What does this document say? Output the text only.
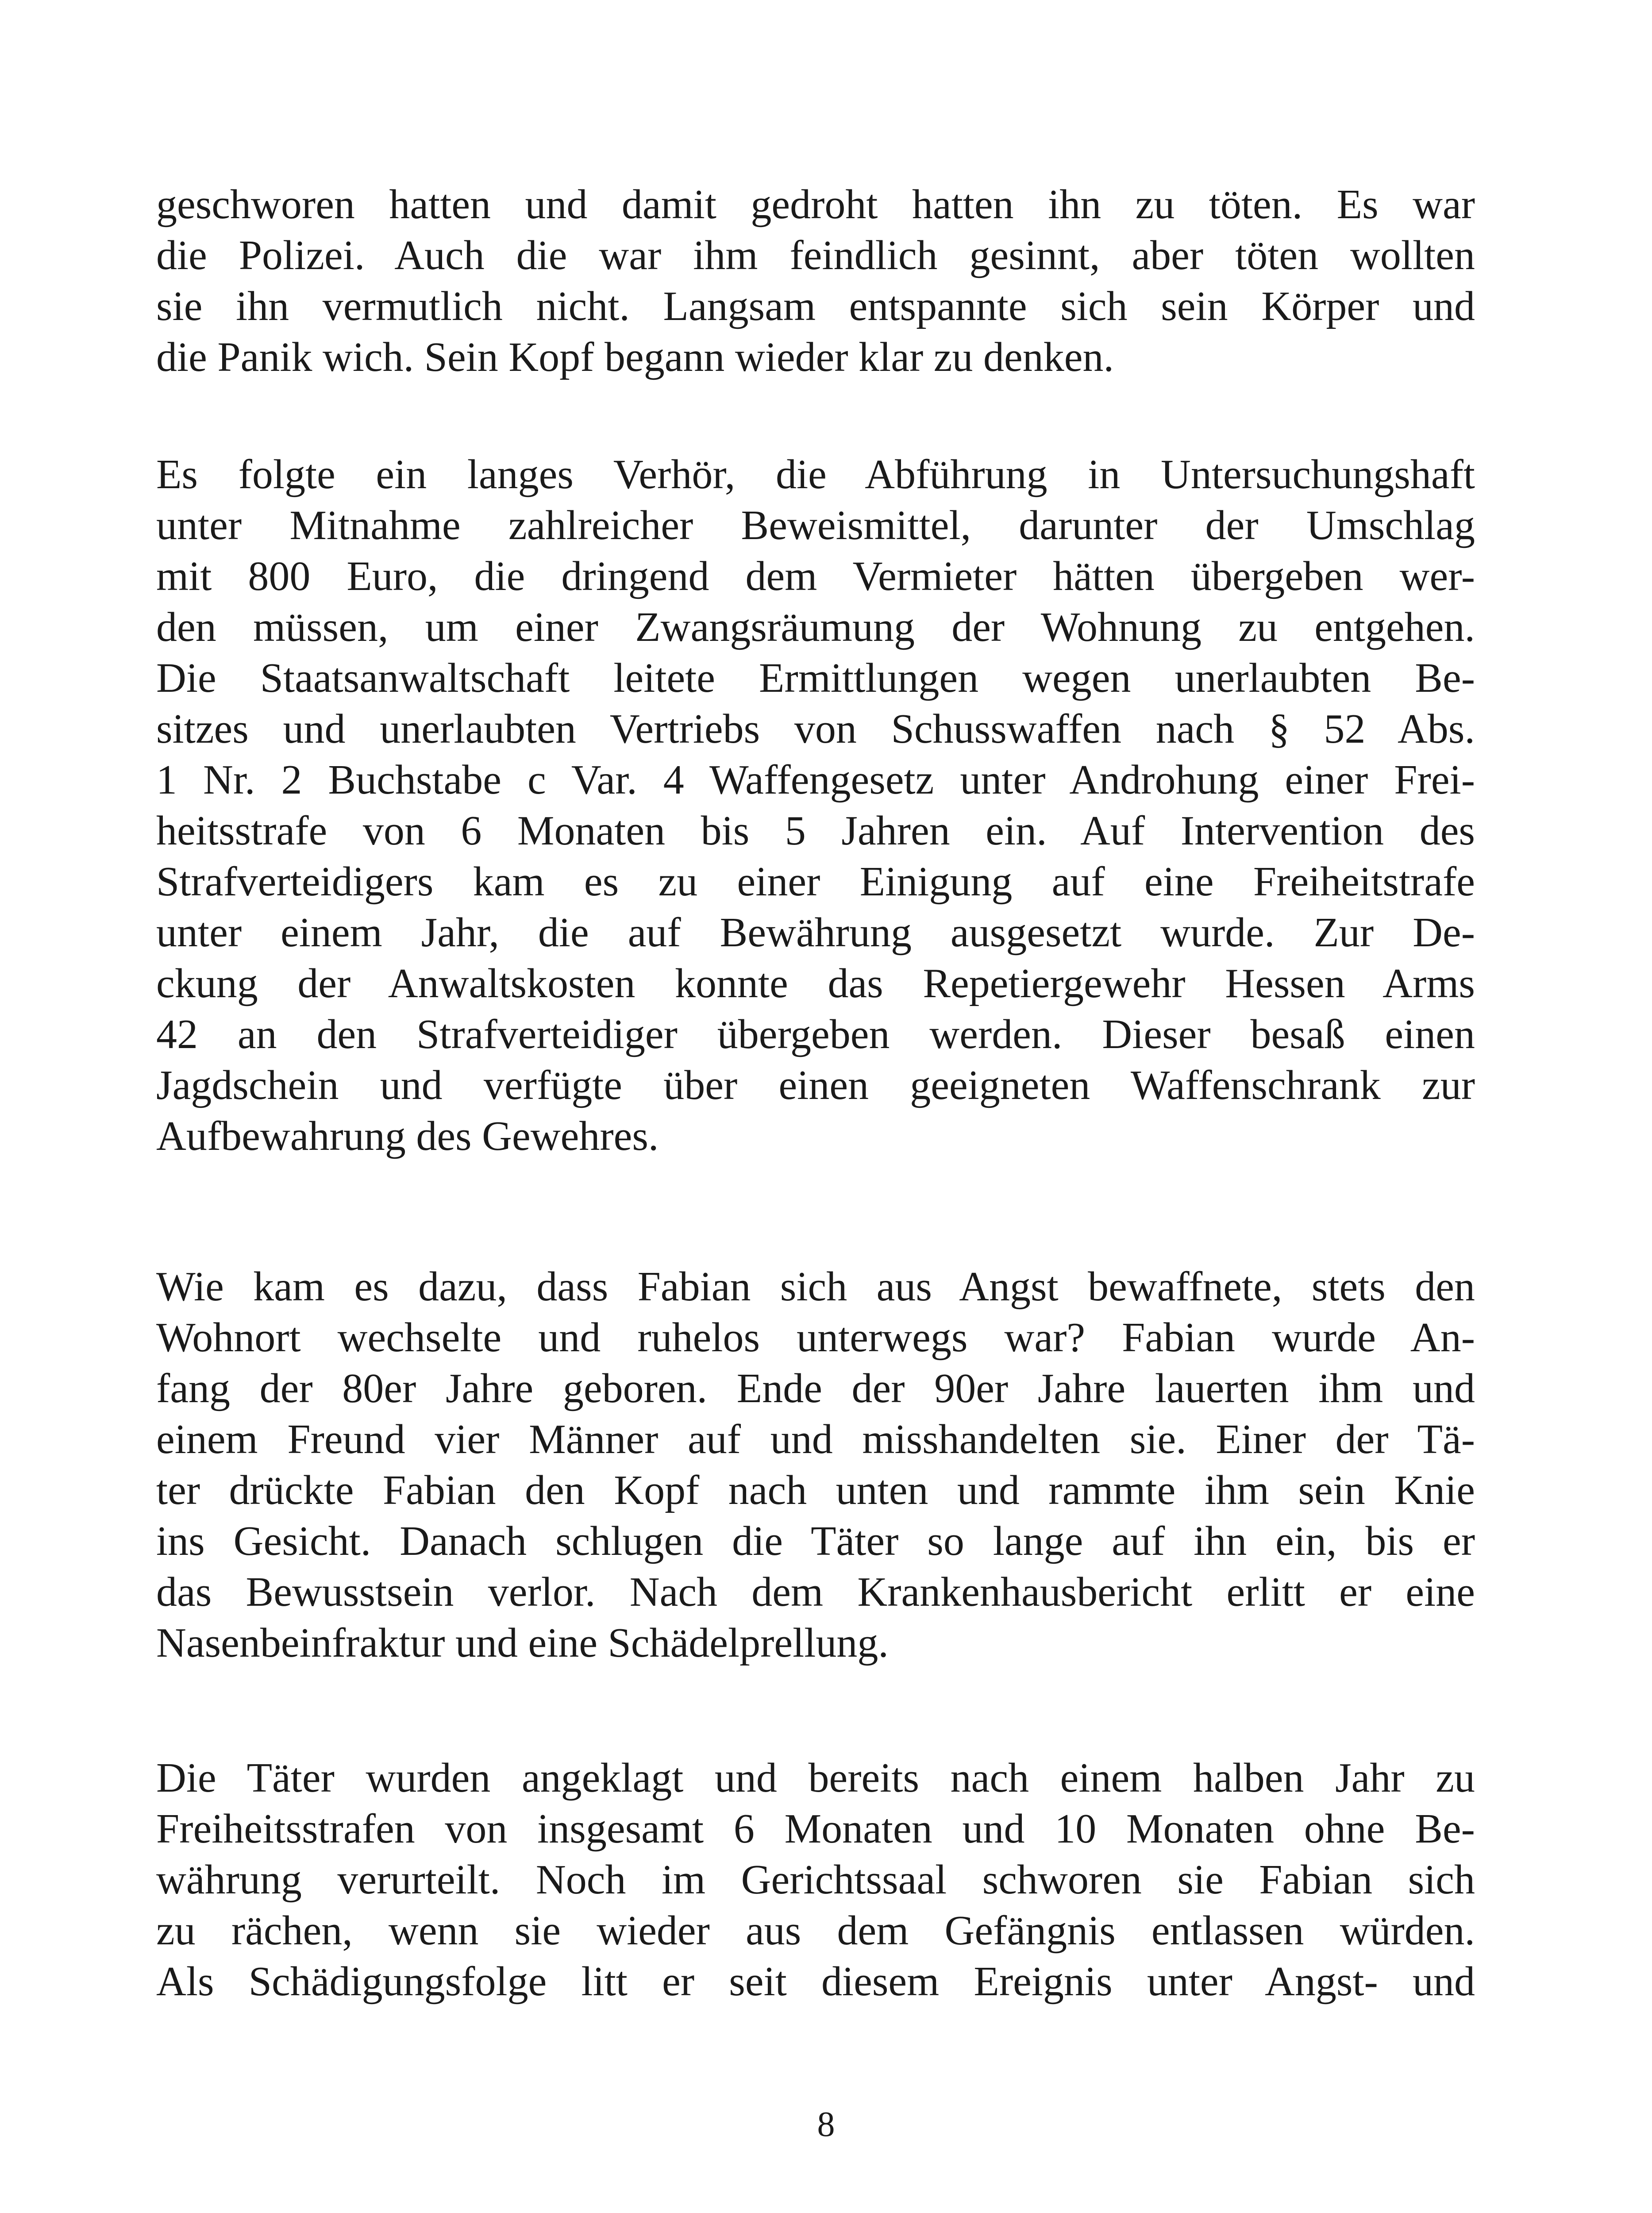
geschworen hatten und damit gedroht hatten ihn zu töten. Es war
die Polizei. Auch die war ihm feindlich gesinnt, aber töten wollten
sie ihn vermutlich nicht. Langsam entspannte sich sein Körper und
die Panik wich. Sein Kopf begann wieder klar zu denken.
Es folgte ein langes Verhör, die Abführung in Untersuchungshaft
unter Mitnahme zahlreicher Beweismittel, darunter der Umschlag
mit 800 Euro, die dringend dem Vermieter hätten übergeben wer-
den müssen, um einer Zwangsräumung der Wohnung zu entgehen.
Die Staatsanwaltschaft leitete Ermittlungen wegen unerlaubten Be-
sitzes und unerlaubten Vertriebs von Schusswaffen nach § 52 Abs.
1 Nr. 2 Buchstabe c Var. 4 Waffengesetz unter Androhung einer Frei-
heitsstrafe von 6 Monaten bis 5 Jahren ein. Auf Intervention des
Strafverteidigers kam es zu einer Einigung auf eine Freiheitstrafe
unter einem Jahr, die auf Bewährung ausgesetzt wurde. Zur De-
ckung der Anwaltskosten konnte das Repetiergewehr Hessen Arms
42 an den Strafverteidiger übergeben werden. Dieser besaß einen
Jagdschein und verfügte über einen geeigneten Waffenschrank zur
Aufbewahrung des Gewehres.
Wie kam es dazu, dass Fabian sich aus Angst bewaffnete, stets den
Wohnort wechselte und ruhelos unterwegs war? Fabian wurde An-
fang der 80er Jahre geboren. Ende der 90er Jahre lauerten ihm und
einem Freund vier Männer auf und misshandelten sie. Einer der Tä-
ter drückte Fabian den Kopf nach unten und rammte ihm sein Knie
ins Gesicht. Danach schlugen die Täter so lange auf ihn ein, bis er
das Bewusstsein verlor. Nach dem Krankenhausbericht erlitt er eine
Nasenbeinfraktur und eine Schädelprellung.
Die Täter wurden angeklagt und bereits nach einem halben Jahr zu
Freiheitsstrafen von insgesamt 6 Monaten und 10 Monaten ohne Be-
währung verurteilt. Noch im Gerichtssaal schworen sie Fabian sich
zu rächen, wenn sie wieder aus dem Gefängnis entlassen würden.
Als Schädigungsfolge litt er seit diesem Ereignis unter Angst- und
8
